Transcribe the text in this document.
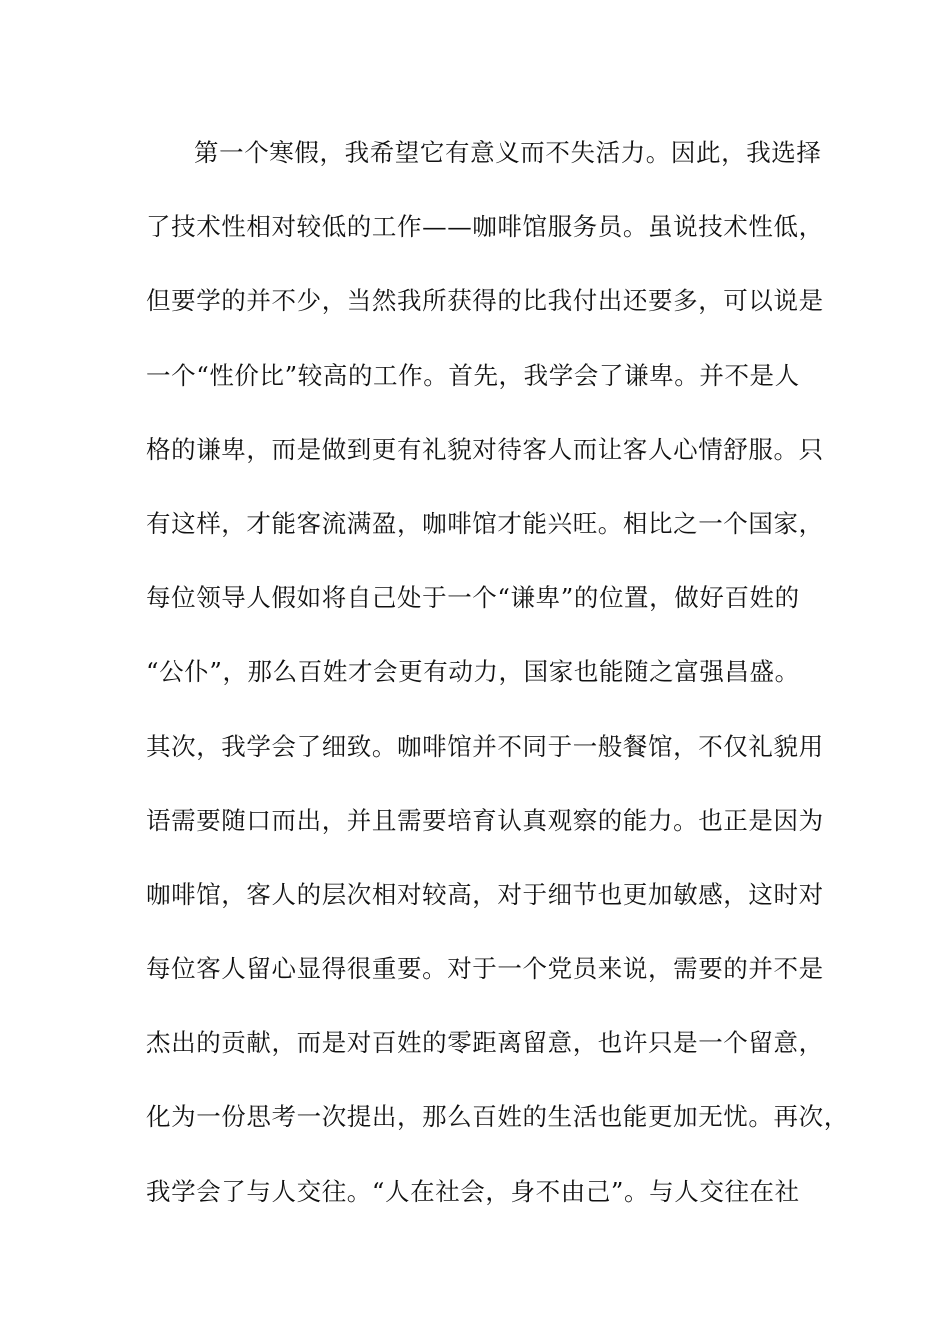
第一个寒假，我希望它有意义而不失活力。因此，我选择
了技术性相对较低的工作——咖啡馆服务员。虽说技术性低，
但要学的并不少，当然我所获得的比我付出还要多，可以说是
一个“性价比”较高的工作。首先，我学会了谦卑。并不是人
格的谦卑，而是做到更有礼貌对待客人而让客人心情舒服。只
有这样，才能客流满盈，咖啡馆才能兴旺。相比之一个国家，
每位领导人假如将自己处于一个“谦卑”的位置，做好百姓的
“公仆”，那么百姓才会更有动力，国家也能随之富强昌盛。
其次，我学会了细致。咖啡馆并不同于一般餐馆，不仅礼貌用
语需要随口而出，并且需要培育认真观察的能力。也正是因为
咖啡馆，客人的层次相对较高，对于细节也更加敏感，这时对
每位客人留心显得很重要。对于一个党员来说，需要的并不是
杰出的贡献，而是对百姓的零距离留意，也许只是一个留意，
化为一份思考一次提出，那么百姓的生活也能更加无忧。再次，
我学会了与人交往。“人在社会，身不由己”。与人交往在社
